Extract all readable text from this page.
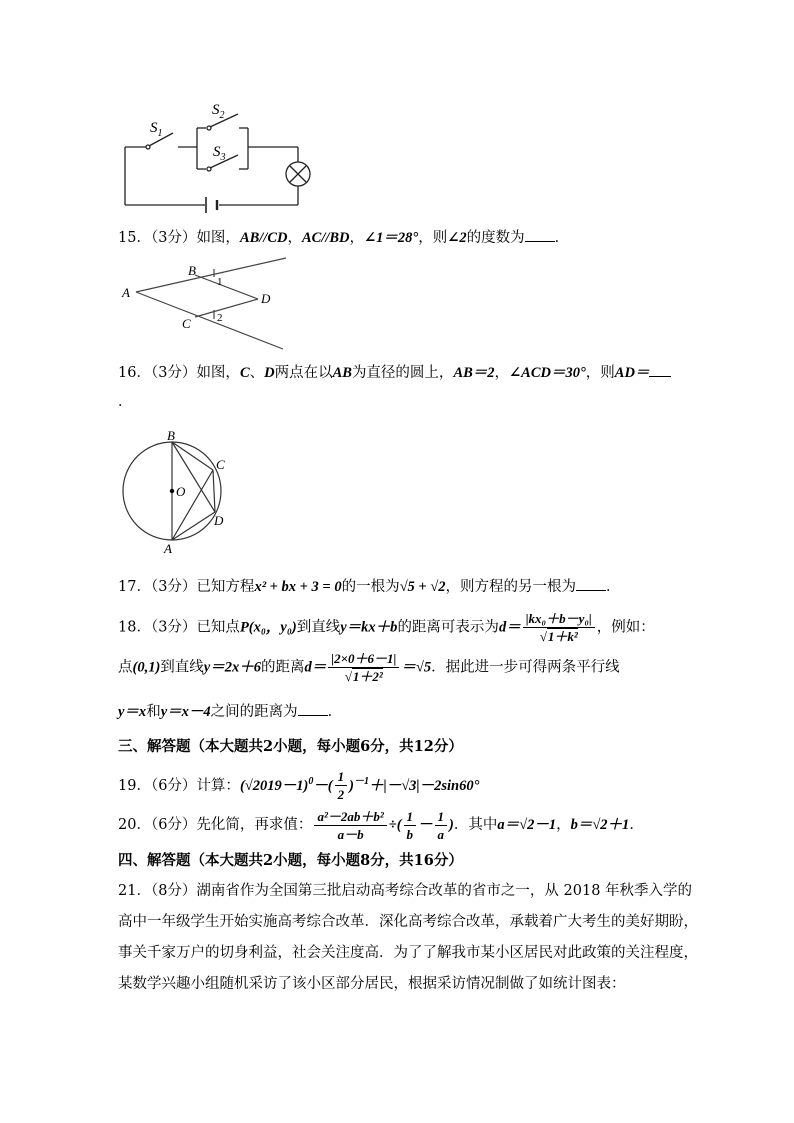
$S_1$
$S_2$
$S_3$
15．（3分）如图，AB//CD，AC//BD，∠1＝28°，则∠2的度数为 ．
A
B
C
D
1
2
16．（3分）如图，C、D两点在以AB为直径的圆上，AB＝2，∠ACD＝30°，则AD＝
．
B
C
O
D
A
17．（3分）已知方程x² + bx + 3 = 0的一根为√5 + √2，则方程的另一根为 ．
18．（3分）已知点P(x₀，y₀)到直线y＝kx＋b的距离可表示为$d= \frac{\text{|kx₀＋b－y₀|}}{\text{√1＋k²}}$ ，例如：
点(0,1)到直线y＝2x＋6的距离$d= \frac{|2\times 0+6-1|}{\text{√1＋2²}} =√5$．据此进一步可得两条平行线
y＝x和y＝x－4之间的距离为 ．
三、解答题（本大题共2小题，每小题6分，共12分）
19．（6分）计算：$(√2019-1)^0-( \frac{1}{2} )^{-1}+|-√3|-2\sin 60^\circ$
20．（6分）先化简，再求值： $\frac{\text{a²－2ab＋b²}}{a-b}$ ÷( $\frac{1}{b} - \frac{1}{a}$ )．其中a＝√2－1，b＝√2＋1．
四、解答题（本大题共2小题，每小题8分，共16分）
21．（8分）湖南省作为全国第三批启动高考综合改革的省市之一，从 2018 年秋季入学的
高中一年级学生开始实施高考综合改革．深化高考综合改革，承载着广大考生的美好期盼，
事关千家万户的切身利益，社会关注度高．为了了解我市某小区居民对此政策的关注程度，
某数学兴趣小组随机采访了该小区部分居民，根据采访情况制做了如统计图表：
